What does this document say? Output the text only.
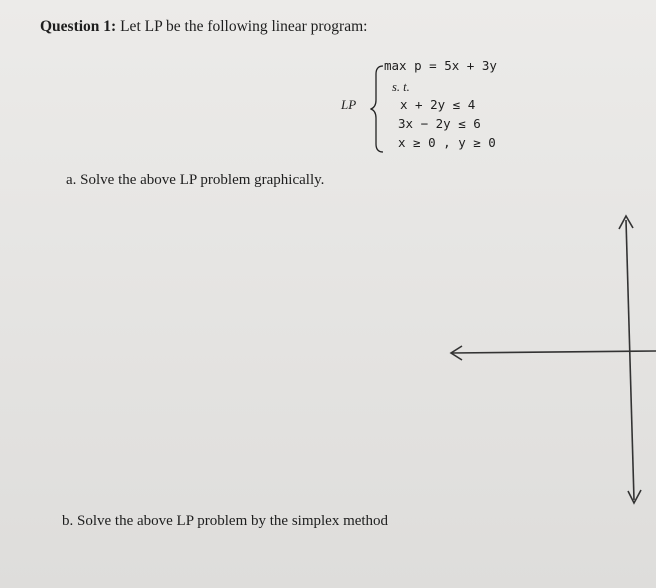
Question 1: Let LP be the following linear program:
LP
max p = 5x + 3y
s. t.
x + 2y ≤ 4
3x − 2y ≤ 6
x ≥ 0 , y ≥ 0
a. Solve the above LP problem graphically.
b. Solve the above LP problem by the simplex method
